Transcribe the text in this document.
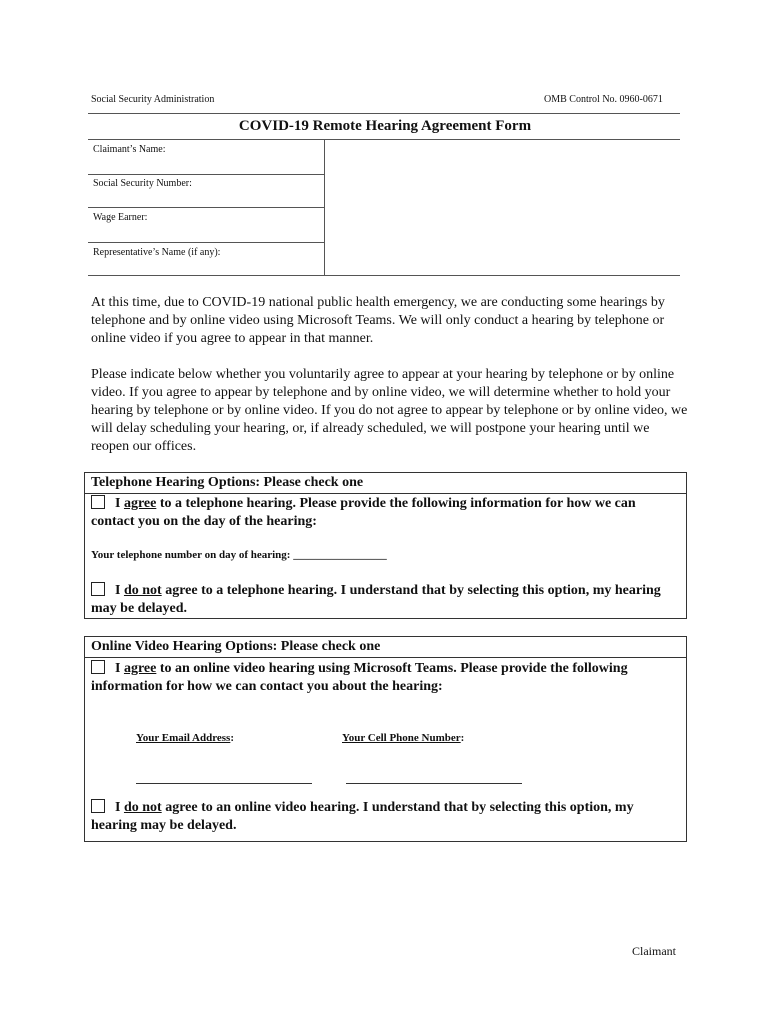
Social Security Administration	OMB Control No. 0960-0671
COVID-19 Remote Hearing Agreement Form
Claimant’s Name:
Social Security Number:
Wage Earner:
Representative’s Name (if any):
At this time, due to COVID-19 national public health emergency, we are conducting some hearings by telephone and by online video using Microsoft Teams. We will only conduct a hearing by telephone or online video if you agree to appear in that manner.
Please indicate below whether you voluntarily agree to appear at your hearing by telephone or by online video. If you agree to appear by telephone and by online video, we will determine whether to hold your hearing by telephone or by online video. If you do not agree to appear by telephone or by online video, we will delay scheduling your hearing, or, if already scheduled, we will postpone your hearing until we reopen our offices.
Telephone Hearing Options: Please check one
I agree to a telephone hearing. Please provide the following information for how we can contact you on the day of the hearing:
Your telephone number on day of hearing: _________________
I do not agree to a telephone hearing. I understand that by selecting this option, my hearing may be delayed.
Online Video Hearing Options: Please check one
I agree to an online video hearing using Microsoft Teams. Please provide the following information for how we can contact you about the hearing:
Your Email Address:	Your Cell Phone Number:
I do not agree to an online video hearing. I understand that by selecting this option, my hearing may be delayed.
Claimant
